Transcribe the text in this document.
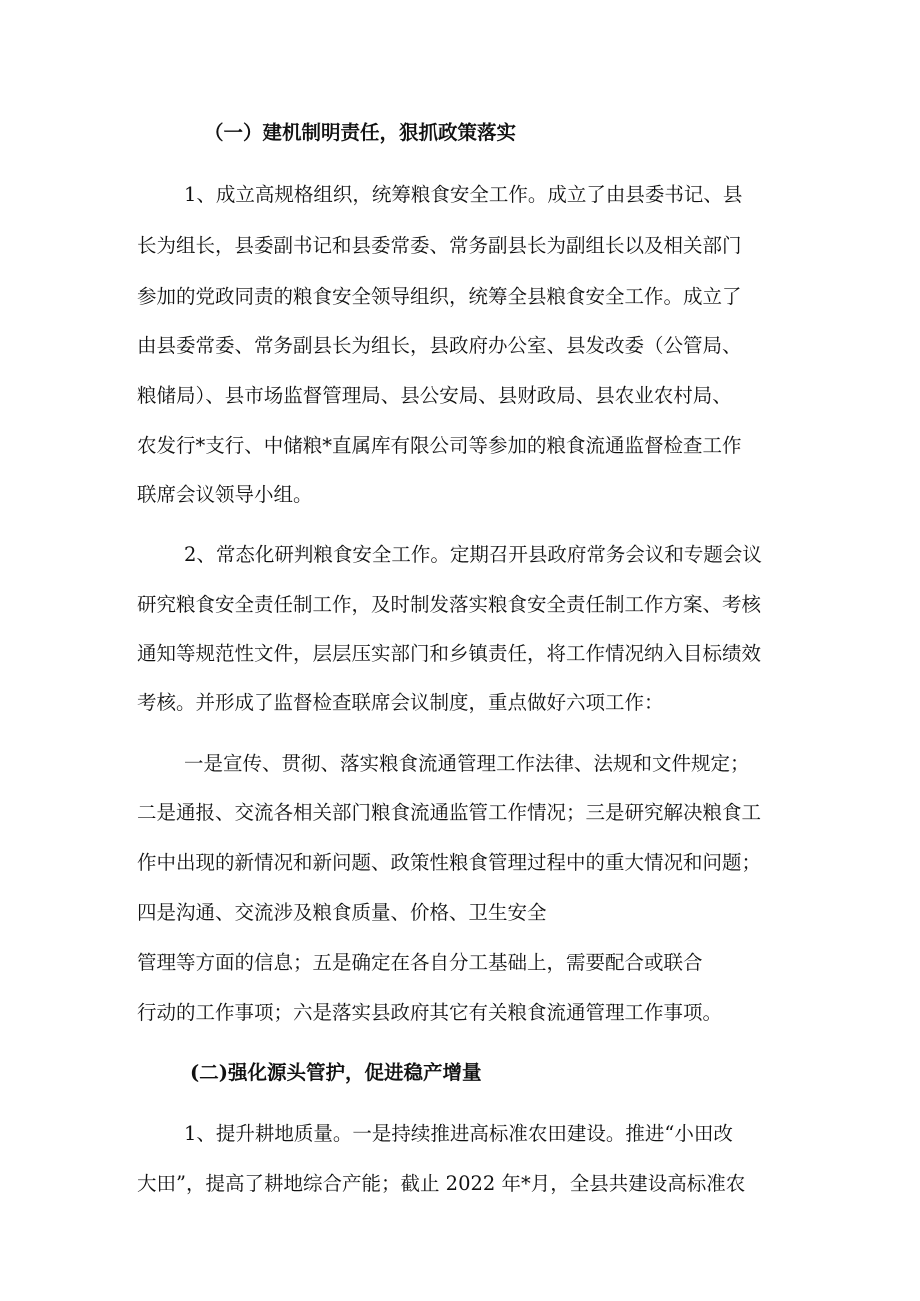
（一）建机制明责任，狠抓政策落实
1、成立高规格组织，统筹粮食安全工作。成立了由县委书记、县
长为组长，县委副书记和县委常委、常务副县长为副组长以及相关部门
参加的党政同责的粮食安全领导组织，统筹全县粮食安全工作。成立了
由县委常委、常务副县长为组长，县政府办公室、县发改委（公管局、
粮储局）、县市场监督管理局、县公安局、县财政局、县农业农村局、
农发行*支行、中储粮*直属库有限公司等参加的粮食流通监督检查工作
联席会议领导小组。
2、常态化研判粮食安全工作。定期召开县政府常务会议和专题会议
研究粮食安全责任制工作，及时制发落实粮食安全责任制工作方案、考核
通知等规范性文件，层层压实部门和乡镇责任，将工作情况纳入目标绩效
考核。并形成了监督检查联席会议制度，重点做好六项工作：
一是宣传、贯彻、落实粮食流通管理工作法律、法规和文件规定；
二是通报、交流各相关部门粮食流通监管工作情况；三是研究解决粮食工
作中出现的新情况和新问题、政策性粮食管理过程中的重大情况和问题；
四是沟通、交流涉及粮食质量、价格、卫生安全
管理等方面的信息；五是确定在各自分工基础上，需要配合或联合
行动的工作事项；六是落实县政府其它有关粮食流通管理工作事项。
(二)强化源头管护，促进稳产增量
1、提升耕地质量。一是持续推进高标准农田建设。推进“小田改
大田”，提高了耕地综合产能；截止 2022 年*月，全县共建设高标准农
